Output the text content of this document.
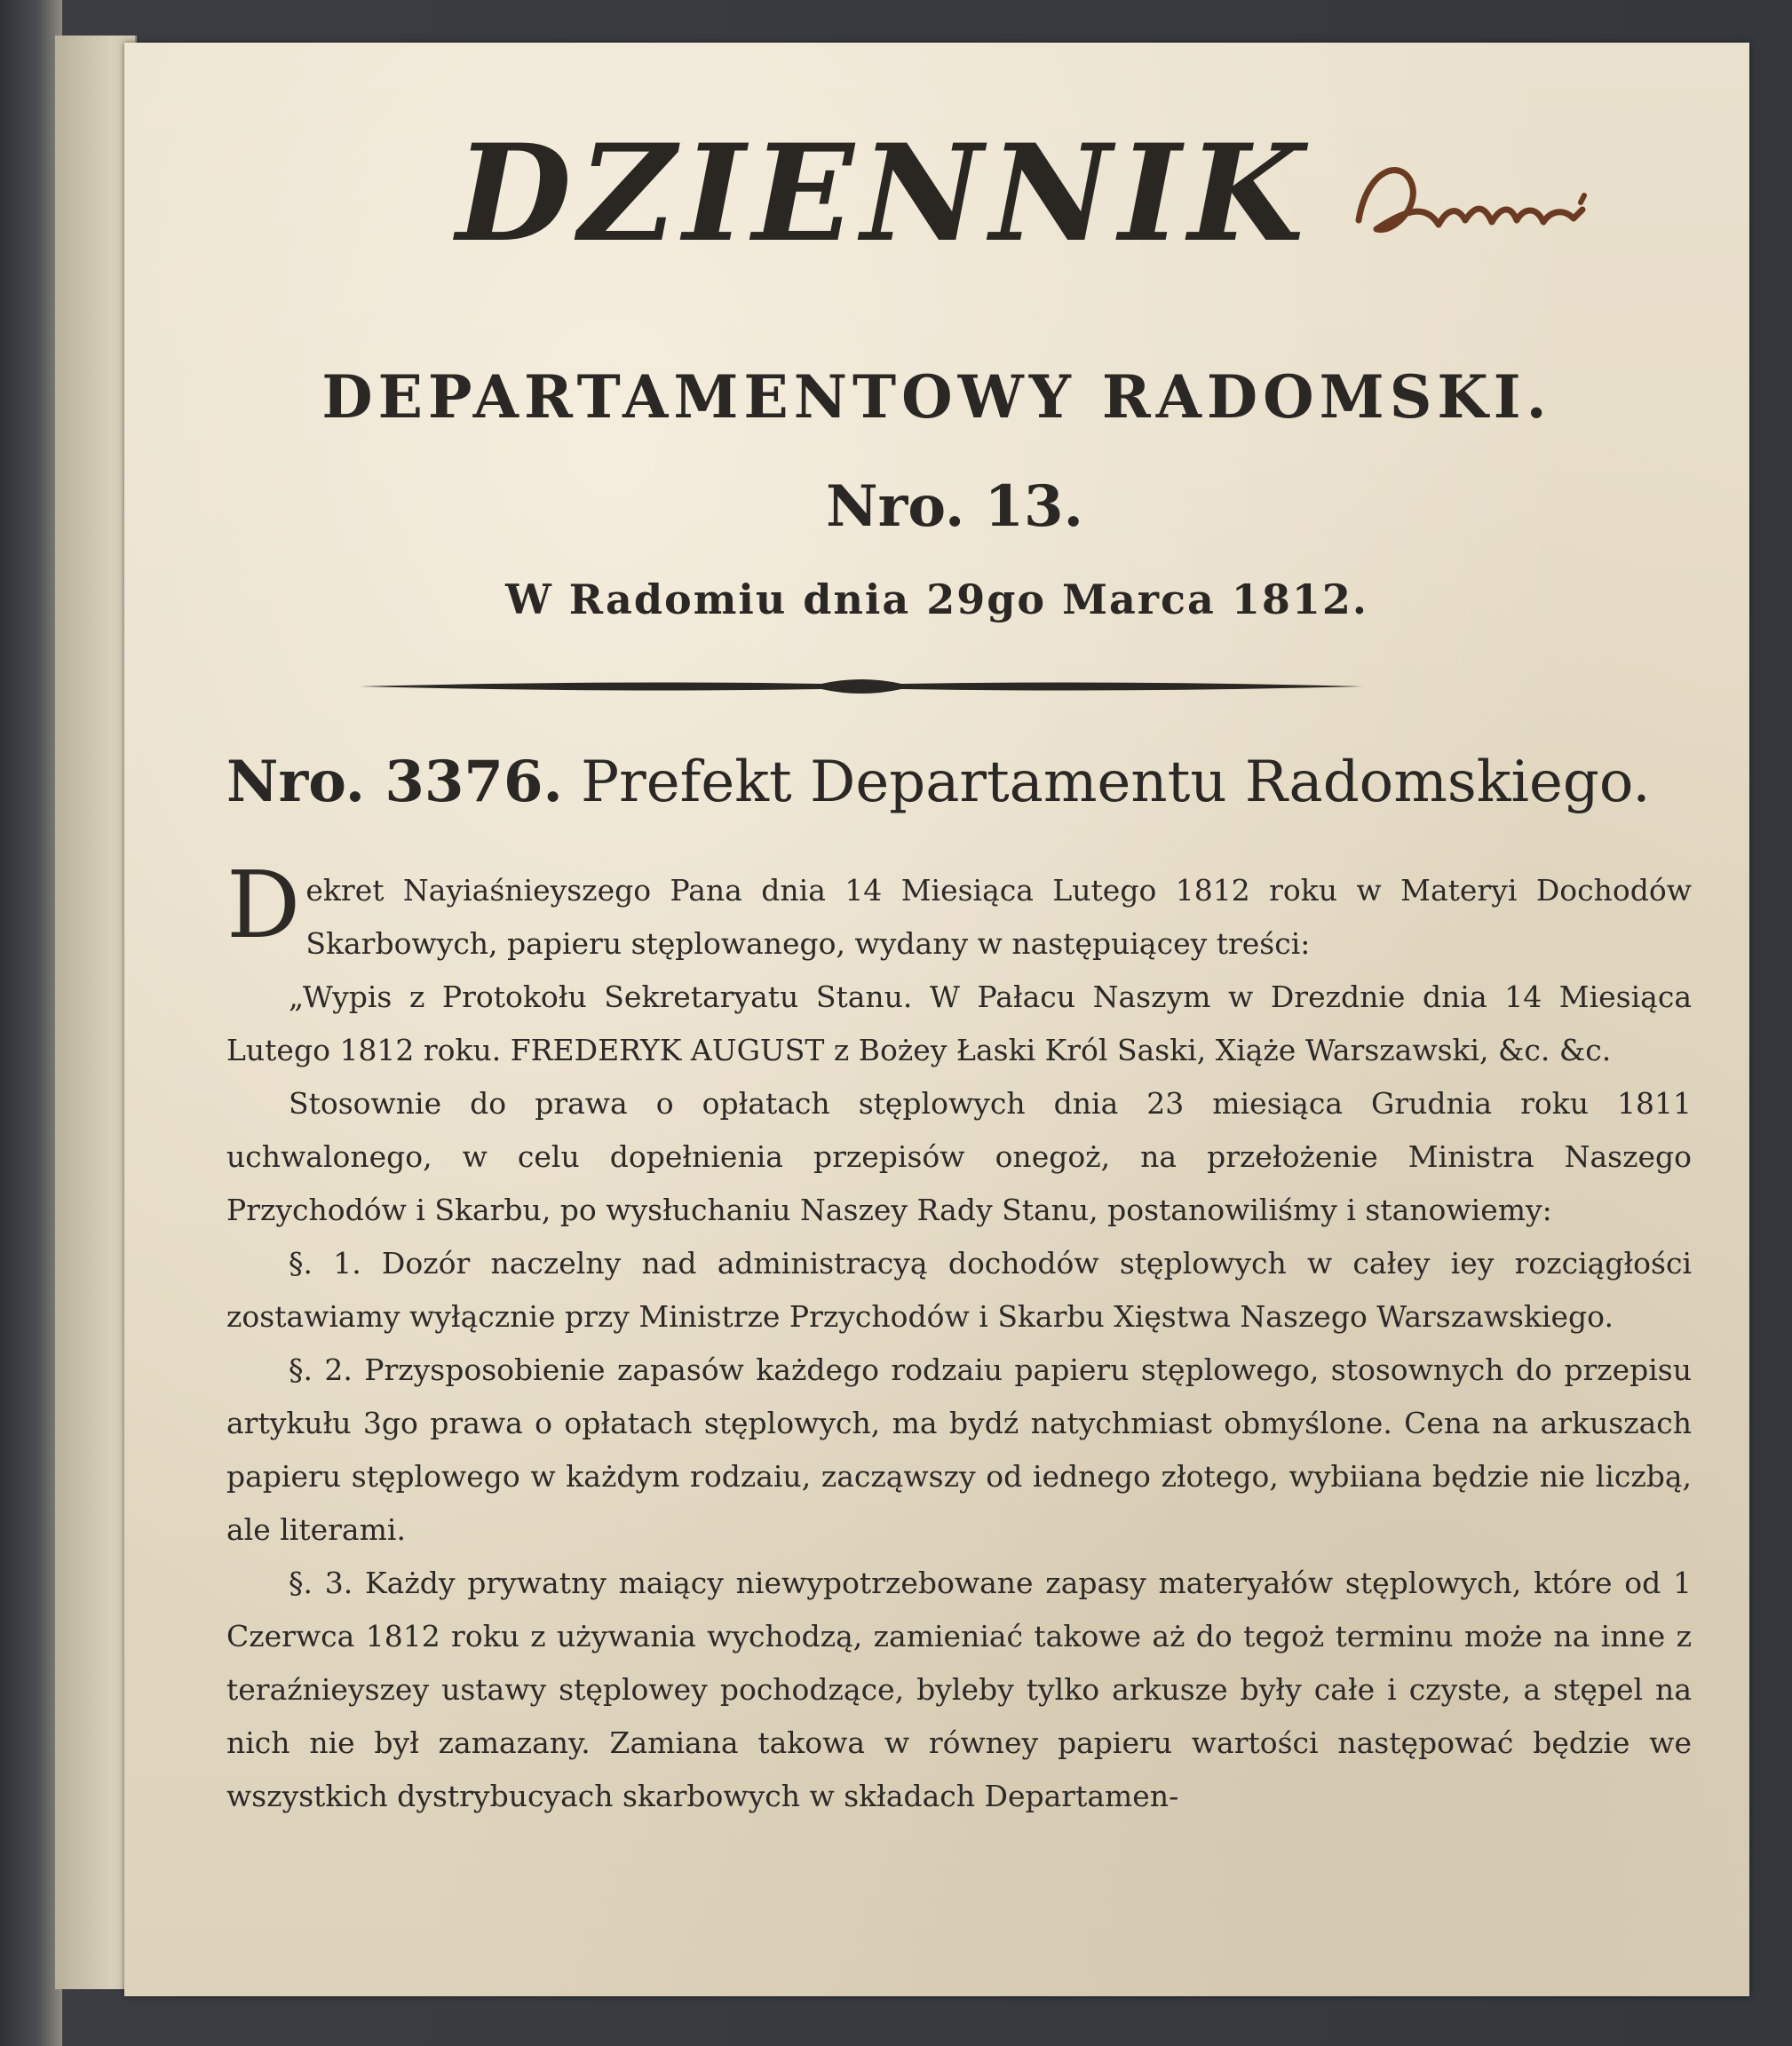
DZIENNIK
DEPARTAMENTOWY RADOMSKI.
Nro. 13.
W Radomiu dnia 29go Marca 1812.
Nro. 3376. Prefekt Departamentu Radomskiego.

Dekret Nayiaśnieyszego Pana dnia 14 Miesiąca Lutego 1812 roku w Materyi Dochodów Skarbowych, papieru stęplowanego, wydany w następuiącey treści:

„Wypis z Protokołu Sekretaryatu Stanu. W Pałacu Naszym w Drezdnie dnia 14 Miesiąca Lutego 1812 roku. FREDERYK AUGUST z Bożey Łaski Król Saski, Xiąże Warszawski, &c. &c.

Stosownie do prawa o opłatach stęplowych dnia 23 miesiąca Grudnia roku 1811 uchwalonego, w celu dopełnienia przepisów onegoż, na przełożenie Ministra Naszego Przychodów i Skarbu, po wysłuchaniu Naszey Rady Stanu, postanowiliśmy i stanowiemy:

§. 1. Dozór naczelny nad administracyą dochodów stęplowych w całey iey rozciągłości zostawiamy wyłącznie przy Ministrze Przychodów i Skarbu Xięstwa Naszego Warszawskiego.

§. 2. Przysposobienie zapasów każdego rodzaiu papieru stęplowego, stosownych do przepisu artykułu 3go prawa o opłatach stęplowych, ma bydź natychmiast obmyślone. Cena na arkuszach papieru stęplowego w każdym rodzaiu, zacząwszy od iednego złotego, wybiiana będzie nie liczbą, ale literami.

§. 3. Każdy prywatny maiący niewypotrzebowane zapasy materyałów stęplowych, które od 1 Czerwca 1812 roku z używania wychodzą, zamieniać takowe aż do tegoż terminu może na inne z teraźnieyszey ustawy stęplowey pochodzące, byleby tylko arkusze były całe i czyste, a stępel na nich nie był zamazany. Zamiana takowa w równey papieru wartości następować będzie we wszystkich dystrybucyach skarbowych w składach Departamen-
